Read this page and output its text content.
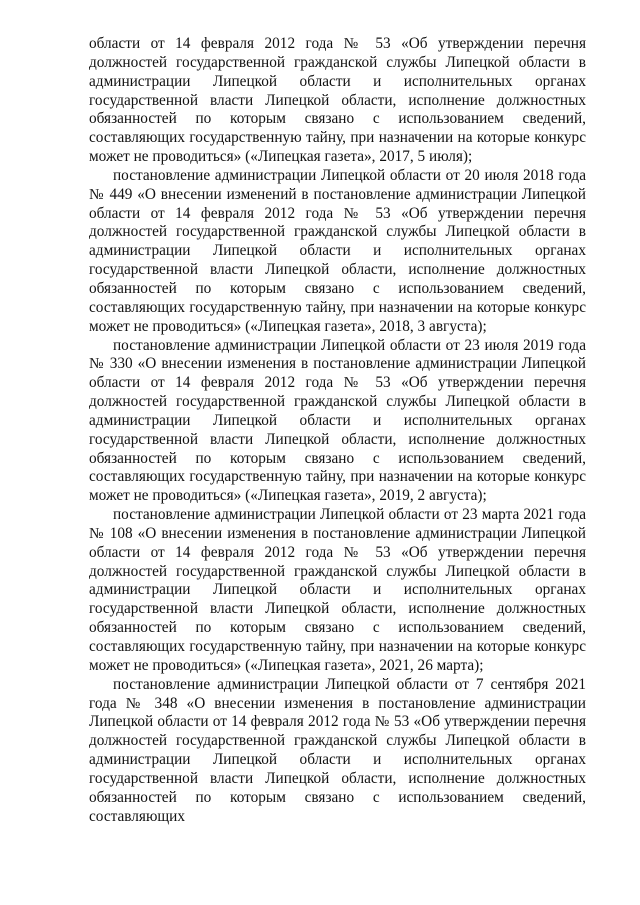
области от 14 февраля 2012 года № 53 «Об утверждении перечня должностей государственной гражданской службы Липецкой области в администрации Липецкой области и исполнительных органах государственной власти Липецкой области, исполнение должностных обязанностей по которым связано с использованием сведений, составляющих государственную тайну, при назначении на которые конкурс может не проводиться» («Липецкая газета», 2017, 5 июля);

постановление администрации Липецкой области от 20 июля 2018 года № 449 «О внесении изменений в постановление администрации Липецкой области от 14 февраля 2012 года № 53 «Об утверждении перечня должностей государственной гражданской службы Липецкой области в администрации Липецкой области и исполнительных органах государственной власти Липецкой области, исполнение должностных обязанностей по которым связано с использованием сведений, составляющих государственную тайну, при назначении на которые конкурс может не проводиться» («Липецкая газета», 2018, 3 августа);

постановление администрации Липецкой области от 23 июля 2019 года № 330 «О внесении изменения в постановление администрации Липецкой области от 14 февраля 2012 года № 53 «Об утверждении перечня должностей государственной гражданской службы Липецкой области в администрации Липецкой области и исполнительных органах государственной власти Липецкой области, исполнение должностных обязанностей по которым связано с использованием сведений, составляющих государственную тайну, при назначении на которые конкурс может не проводиться» («Липецкая газета», 2019, 2 августа);

постановление администрации Липецкой области от 23 марта 2021 года № 108 «О внесении изменения в постановление администрации Липецкой области от 14 февраля 2012 года № 53 «Об утверждении перечня должностей государственной гражданской службы Липецкой области в администрации Липецкой области и исполнительных органах государственной власти Липецкой области, исполнение должностных обязанностей по которым связано с использованием сведений, составляющих государственную тайну, при назначении на которые конкурс может не проводиться» («Липецкая газета», 2021, 26 марта);

постановление администрации Липецкой области от 7 сентября 2021 года № 348 «О внесении изменения в постановление администрации Липецкой области от 14 февраля 2012 года № 53 «Об утверждении перечня должностей государственной гражданской службы Липецкой области в администрации Липецкой области и исполнительных органах государственной власти Липецкой области, исполнение должностных обязанностей по которым связано с использованием сведений, составляющих
